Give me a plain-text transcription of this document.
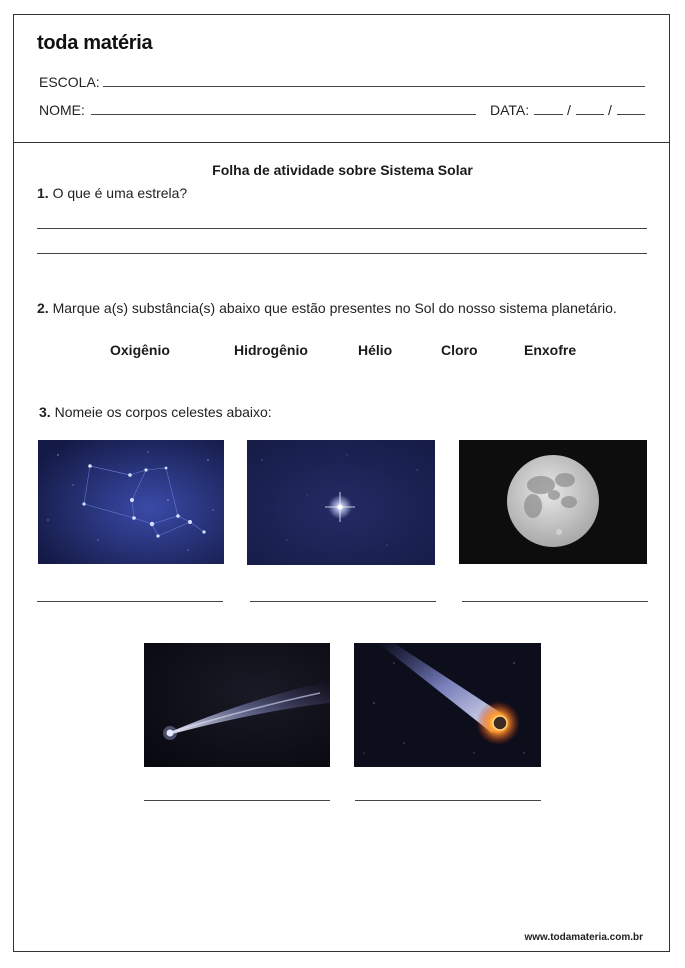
toda matéria
ESCOLA:
NOME:	DATA:	/	/
Folha de atividade sobre Sistema Solar
1. O que é uma estrela?
2. Marque a(s) substância(s) abaixo que estão presentes no Sol do nosso sistema planetário.
Oxigênio	Hidrogênio	Hélio	Cloro	Enxofre
3. Nomeie os corpos celestes abaixo:
www.todamateria.com.br
